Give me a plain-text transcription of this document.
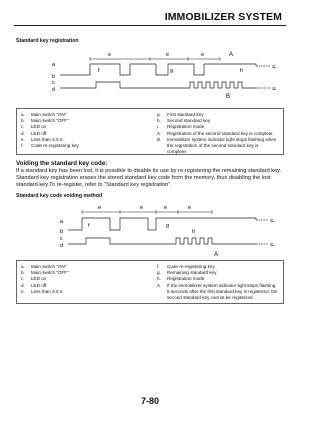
IMMOBILIZER SYSTEM
Standard key registration
a
b
c
d
e	e	e	A
f	g	h
⊆
⊆
B
a.	Main switch "ON"
b.	Main switch "OFF"
c.	LED on
d.	LED off
e.	Less than 5.0 s
f.	Code re-registering key
g.	First standard key
h.	Second standard key
i.	Registration mode
A.	Registration of the second standard key is complete.
B.	Immobilizer system indicator light stops flashing when the registration of the second standard key is complete.
Voiding the standard key code:
If a standard key has been lost, it is possible to disable its use by re-registering the remaining standard key. Standard key registration erases the stored standard key code from the memory, thus disabling the lost standard key.To re-register, refer to “Standard key registration”.
Standard key code voiding method
a
b
c
d
e	e	e	e
f	g
h
⊆
⊆
A
a.	Main switch "ON"
b.	Main switch "OFF"
c.	LED on
d.	LED off
e.	Less than 5.0 s
f.	Code re-registering key
g.	Remaining standard key
h.	Registration mode
A.	If the immobilizer system indicator light stops flashing 5 seconds after the first standard key is registered, the second standard key cannot be registered.
7-80
